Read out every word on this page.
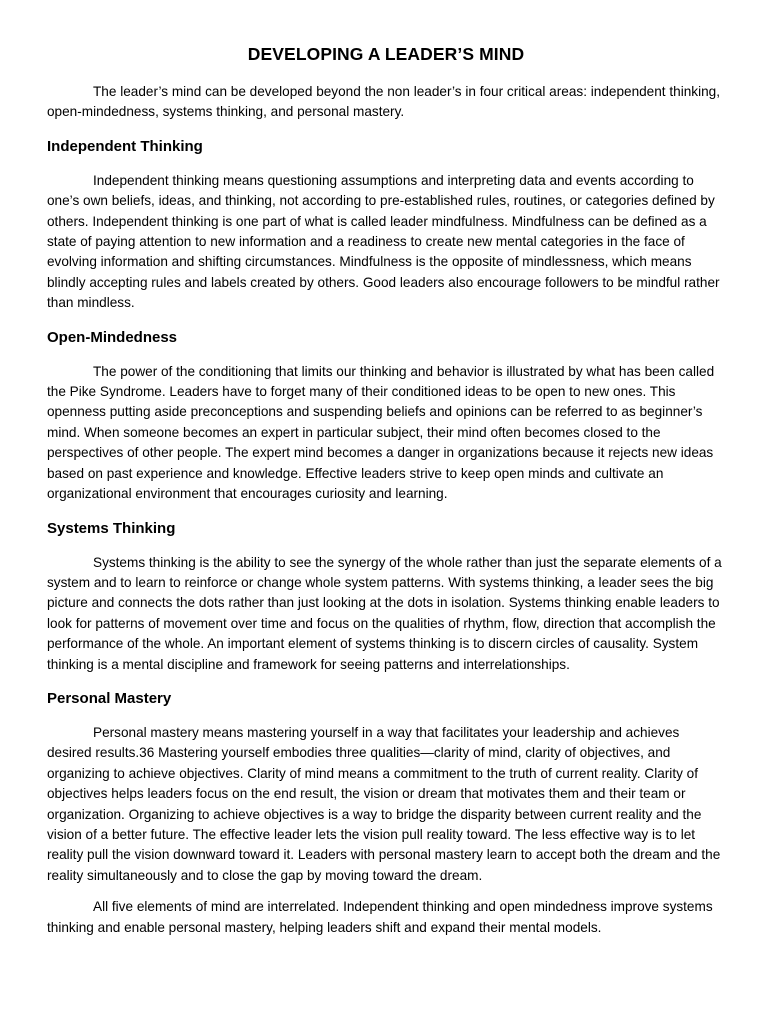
DEVELOPING A LEADER’S MIND

The leader’s mind can be developed beyond the non leader’s in four critical areas: independent thinking, open-mindedness, systems thinking, and personal mastery.

Independent Thinking

Independent thinking means questioning assumptions and interpreting data and events according to one’s own beliefs, ideas, and thinking, not according to pre-established rules, routines, or categories defined by others. Independent thinking is one part of what is called leader mindfulness. Mindfulness can be defined as a state of paying attention to new information and a readiness to create new mental categories in the face of evolving information and shifting circumstances. Mindfulness is the opposite of mindlessness, which means blindly accepting rules and labels created by others. Good leaders also encourage followers to be mindful rather than mindless.

Open-Mindedness

The power of the conditioning that limits our thinking and behavior is illustrated by what has been called the Pike Syndrome. Leaders have to forget many of their conditioned ideas to be open to new ones. This openness putting aside preconceptions and suspending beliefs and opinions can be referred to as beginner’s mind. When someone becomes an expert in particular subject, their mind often becomes closed to the perspectives of other people. The expert mind becomes a danger in organizations because it rejects new ideas based on past experience and knowledge. Effective leaders strive to keep open minds and cultivate an organizational environment that encourages curiosity and learning.

Systems Thinking

Systems thinking is the ability to see the synergy of the whole rather than just the separate elements of a system and to learn to reinforce or change whole system patterns. With systems thinking, a leader sees the big picture and connects the dots rather than just looking at the dots in isolation. Systems thinking enable leaders to look for patterns of movement over time and focus on the qualities of rhythm, flow, direction that accomplish the performance of the whole. An important element of systems thinking is to discern circles of causality. System thinking is a mental discipline and framework for seeing patterns and interrelationships.

Personal Mastery

Personal mastery means mastering yourself in a way that facilitates your leadership and achieves desired results.36 Mastering yourself embodies three qualities—clarity of mind, clarity of objectives, and organizing to achieve objectives. Clarity of mind means a commitment to the truth of current reality. Clarity of objectives helps leaders focus on the end result, the vision or dream that motivates them and their team or organization. Organizing to achieve objectives is a way to bridge the disparity between current reality and the vision of a better future. The effective leader lets the vision pull reality toward. The less effective way is to let reality pull the vision downward toward it. Leaders with personal mastery learn to accept both the dream and the reality simultaneously and to close the gap by moving toward the dream.

All five elements of mind are interrelated. Independent thinking and open mindedness improve systems thinking and enable personal mastery, helping leaders shift and expand their mental models.
